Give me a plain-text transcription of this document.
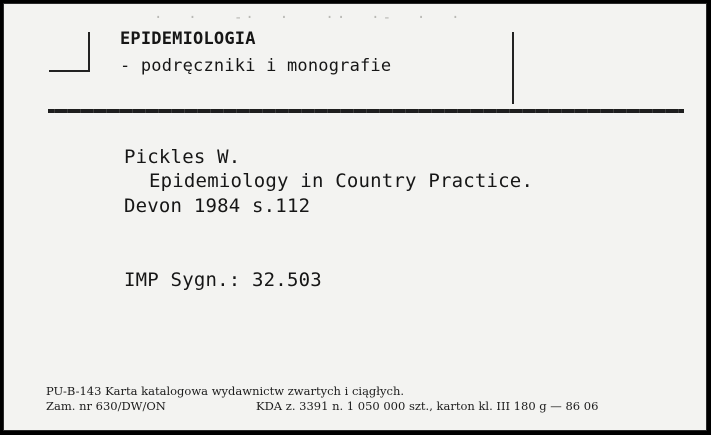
·  ·   -·  ·   ··  ·-  ·  ·
EPIDEMIOLOGIA
- podręczniki i monografie
Pickles W.
Epidemiology in Country Practice.
Devon 1984 s.112
IMP Sygn.: 32.503
PU-B-143 Karta katalogowa wydawnictw zwartych i ciągłych.
Zam. nr 630/DW/ON	KDA z. 3391 n. 1 050 000 szt., karton kl. III 180 g — 86 06
